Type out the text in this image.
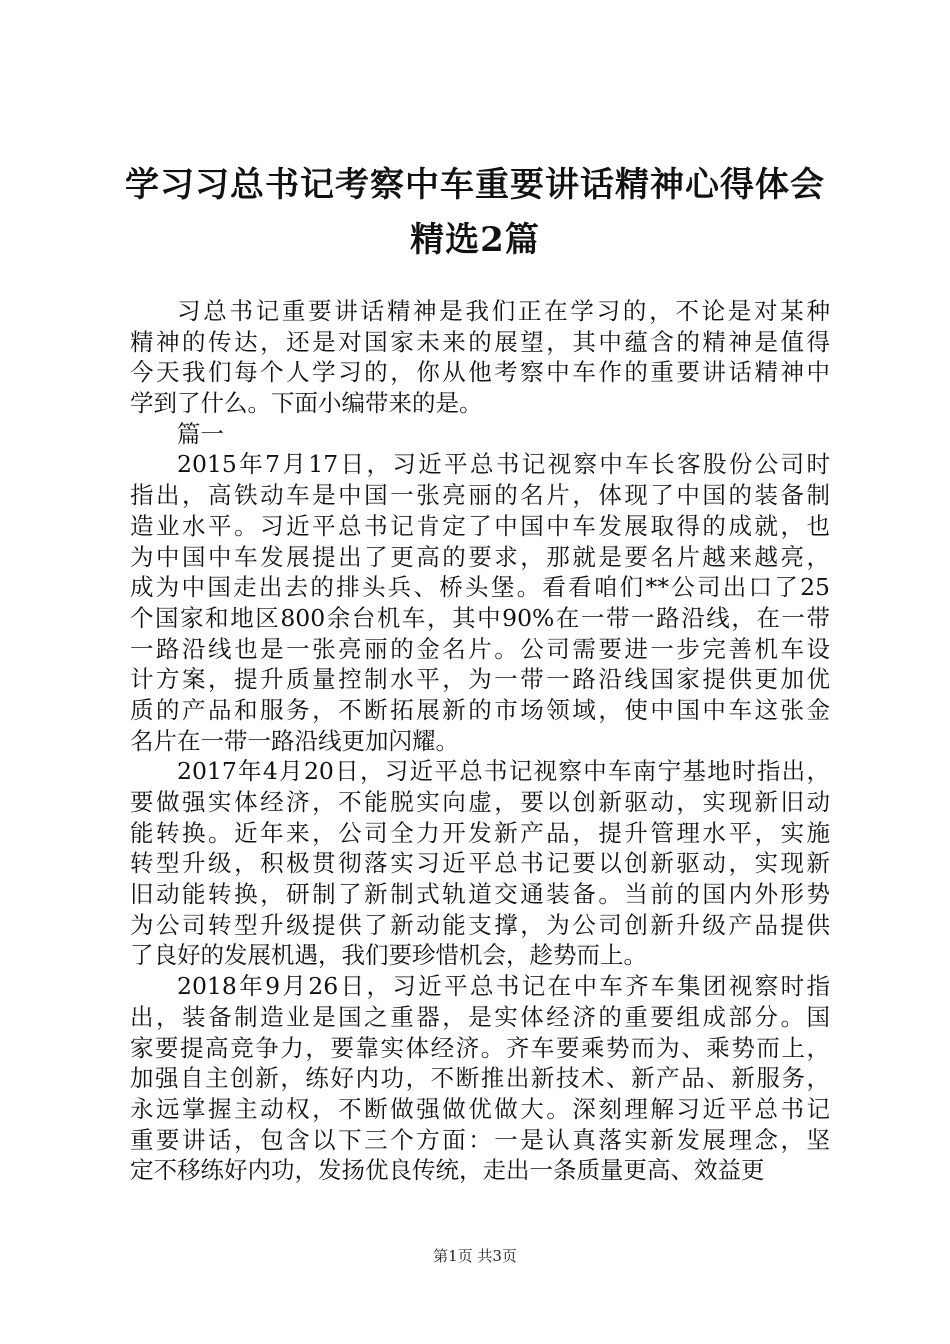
学习习总书记考察中车重要讲话精神心得体会
精选2篇
习总书记重要讲话精神是我们正在学习的，不论是对某种
精神的传达，还是对国家未来的展望，其中蕴含的精神是值得
今天我们每个人学习的，你从他考察中车作的重要讲话精神中
学到了什么。下面小编带来的是。
篇一
2015年7月17日，习近平总书记视察中车长客股份公司时
指出，高铁动车是中国一张亮丽的名片，体现了中国的装备制
造业水平。习近平总书记肯定了中国中车发展取得的成就，也
为中国中车发展提出了更高的要求，那就是要名片越来越亮，
成为中国走出去的排头兵、桥头堡。看看咱们**公司出口了25
个国家和地区800余台机车，其中90%在一带一路沿线，在一带
一路沿线也是一张亮丽的金名片。公司需要进一步完善机车设
计方案，提升质量控制水平，为一带一路沿线国家提供更加优
质的产品和服务，不断拓展新的市场领域，使中国中车这张金
名片在一带一路沿线更加闪耀。
2017年4月20日，习近平总书记视察中车南宁基地时指出，
要做强实体经济，不能脱实向虚，要以创新驱动，实现新旧动
能转换。近年来，公司全力开发新产品，提升管理水平，实施
转型升级，积极贯彻落实习近平总书记要以创新驱动，实现新
旧动能转换，研制了新制式轨道交通装备。当前的国内外形势
为公司转型升级提供了新动能支撑，为公司创新升级产品提供
了良好的发展机遇，我们要珍惜机会，趁势而上。
2018年9月26日，习近平总书记在中车齐车集团视察时指
出，装备制造业是国之重器，是实体经济的重要组成部分。国
家要提高竞争力，要靠实体经济。齐车要乘势而为、乘势而上，
加强自主创新，练好内功，不断推出新技术、新产品、新服务，
永远掌握主动权，不断做强做优做大。深刻理解习近平总书记
重要讲话，包含以下三个方面：一是认真落实新发展理念，坚
定不移练好内功，发扬优良传统，走出一条质量更高、效益更
第1页 共3页
